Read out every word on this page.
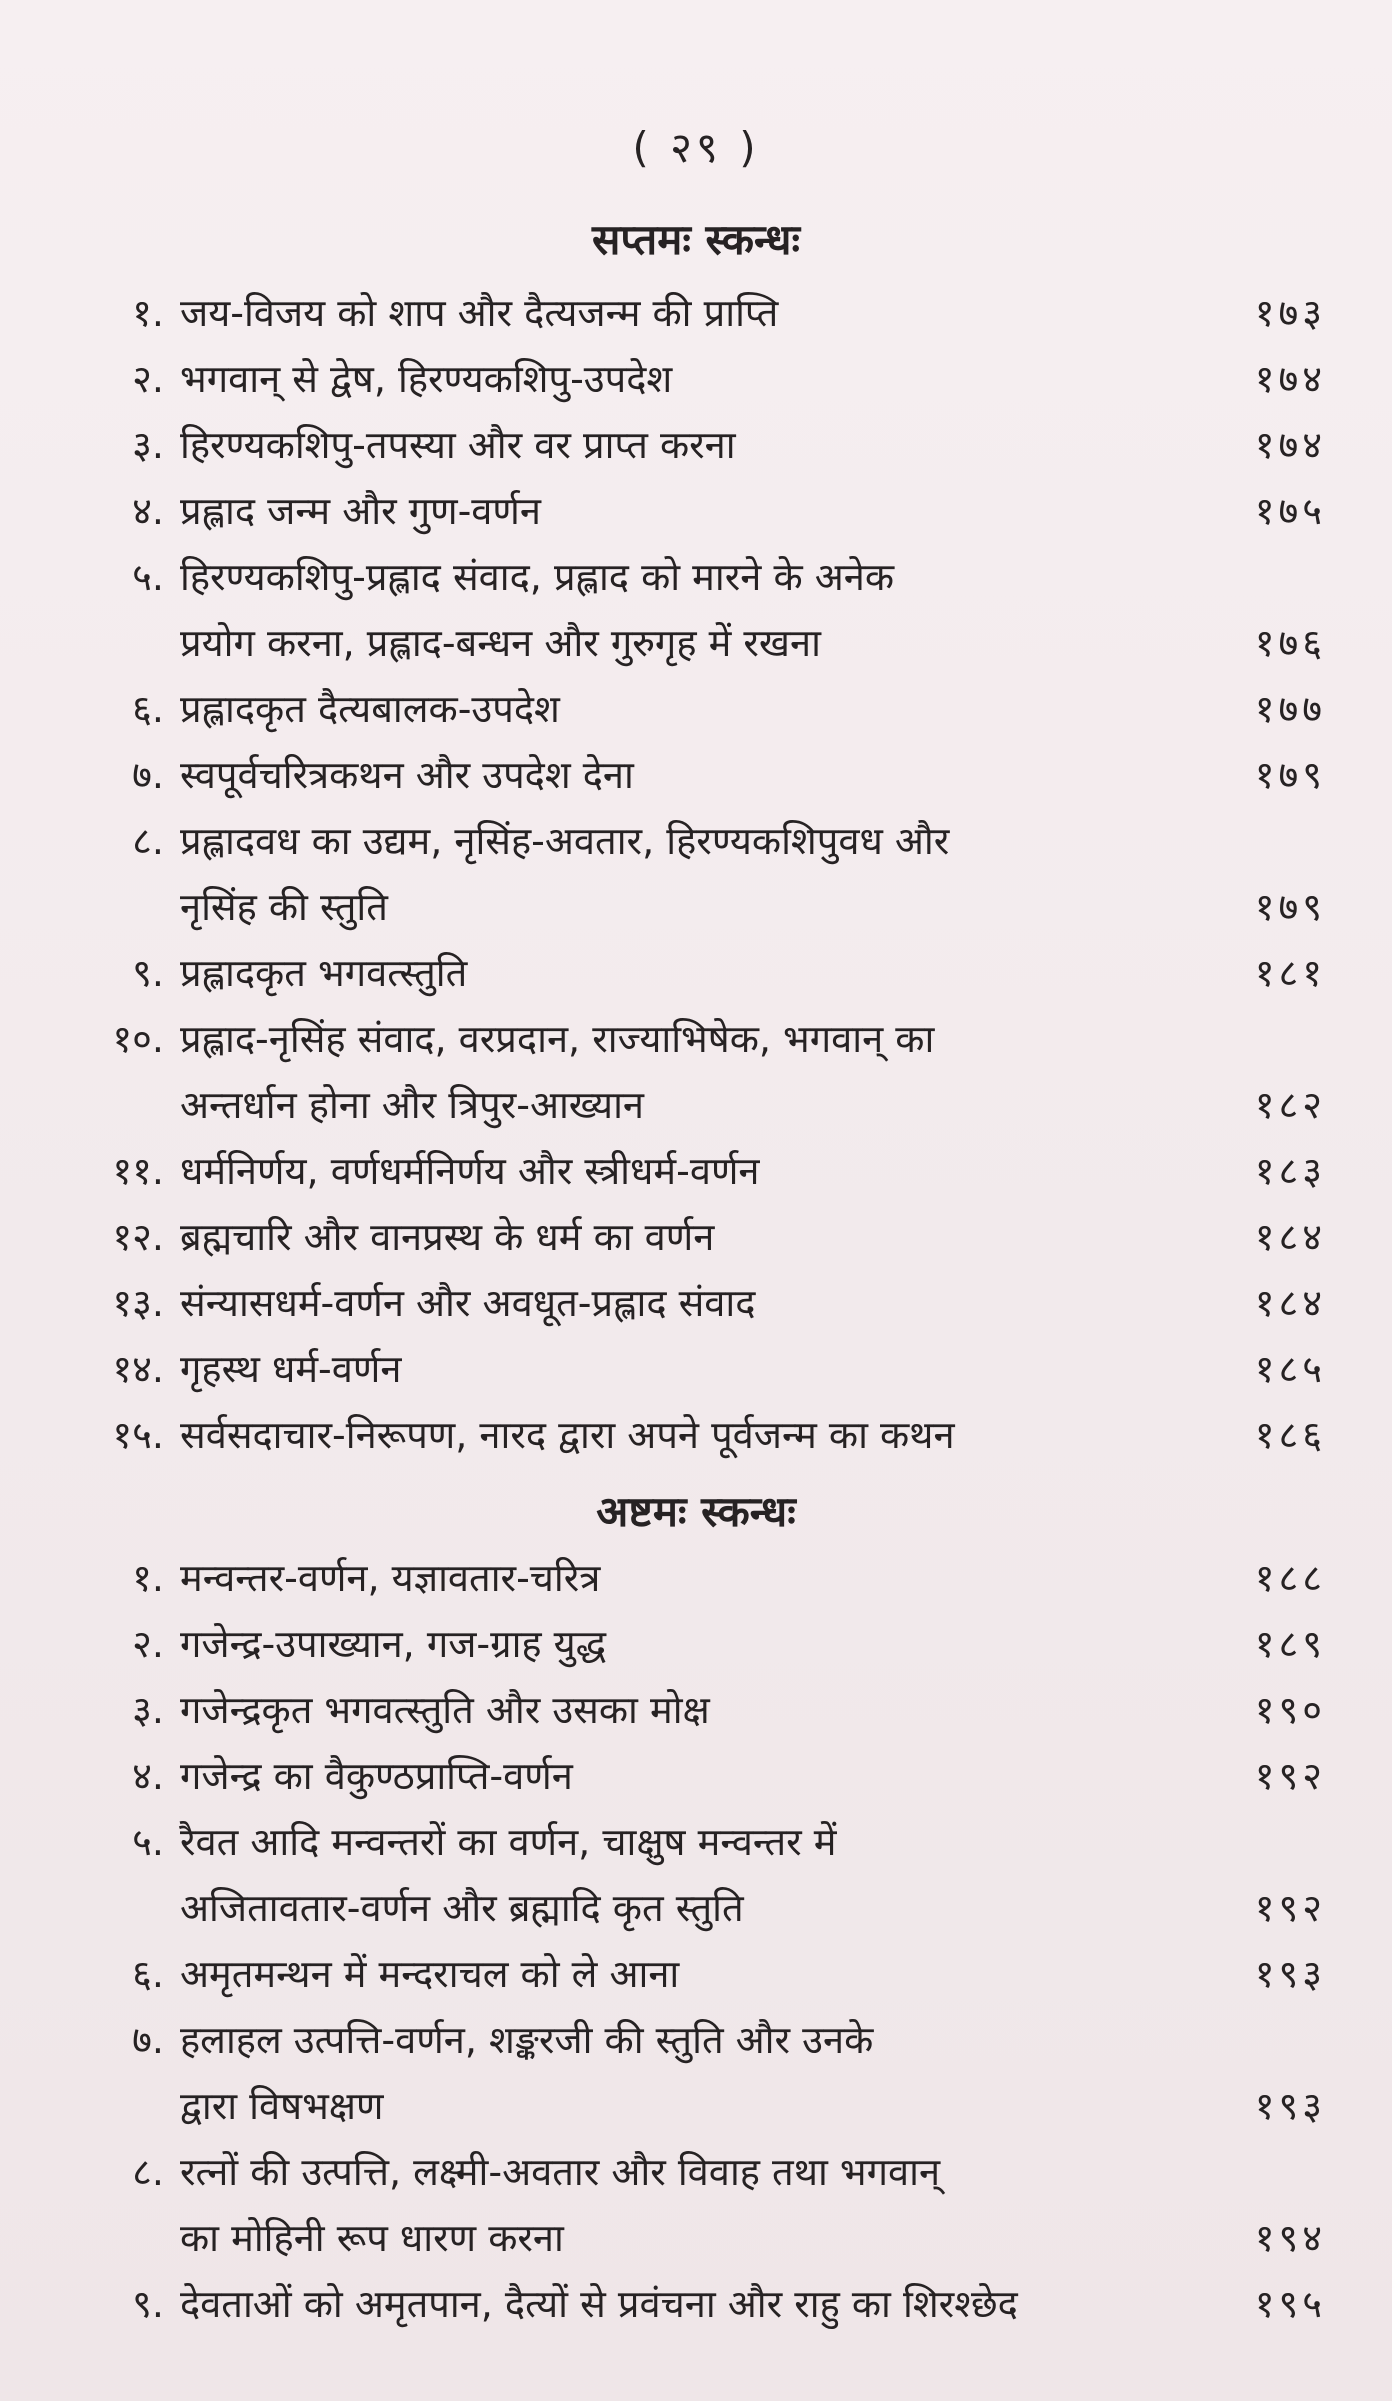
( २९ )
सप्तमः स्कन्धः
१. जय-विजय को शाप और दैत्यजन्म की प्राप्ति	१७३
२. भगवान् से द्वेष, हिरण्यकशिपु-उपदेश	१७४
३. हिरण्यकशिपु-तपस्या और वर प्राप्त करना	१७४
४. प्रह्लाद जन्म और गुण-वर्णन	१७५
५. हिरण्यकशिपु-प्रह्लाद संवाद, प्रह्लाद को मारने के अनेक
प्रयोग करना, प्रह्लाद-बन्धन और गुरुगृह में रखना	१७६
६. प्रह्लादकृत दैत्यबालक-उपदेश	१७७
७. स्वपूर्वचरित्रकथन और उपदेश देना	१७९
८. प्रह्लादवध का उद्यम, नृसिंह-अवतार, हिरण्यकशिपुवध और
नृसिंह की स्तुति	१७९
९. प्रह्लादकृत भगवत्स्तुति	१८१
१०. प्रह्लाद-नृसिंह संवाद, वरप्रदान, राज्याभिषेक, भगवान् का
अन्तर्धान होना और त्रिपुर-आख्यान	१८२
११. धर्मनिर्णय, वर्णधर्मनिर्णय और स्त्रीधर्म-वर्णन	१८३
१२. ब्रह्मचारि और वानप्रस्थ के धर्म का वर्णन	१८४
१३. संन्यासधर्म-वर्णन और अवधूत-प्रह्लाद संवाद	१८४
१४. गृहस्थ धर्म-वर्णन	१८५
१५. सर्वसदाचार-निरूपण, नारद द्वारा अपने पूर्वजन्म का कथन	१८६
अष्टमः स्कन्धः
१. मन्वन्तर-वर्णन, यज्ञावतार-चरित्र	१८८
२. गजेन्द्र-उपाख्यान, गज-ग्राह युद्ध	१८९
३. गजेन्द्रकृत भगवत्स्तुति और उसका मोक्ष	१९०
४. गजेन्द्र का वैकुण्ठप्राप्ति-वर्णन	१९२
५. रैवत आदि मन्वन्तरों का वर्णन, चाक्षुष मन्वन्तर में
अजितावतार-वर्णन और ब्रह्मादि कृत स्तुति	१९२
६. अमृतमन्थन में मन्दराचल को ले आना	१९३
७. हलाहल उत्पत्ति-वर्णन, शङ्करजी की स्तुति और उनके
द्वारा विषभक्षण	१९३
८. रत्नों की उत्पत्ति, लक्ष्मी-अवतार और विवाह तथा भगवान्
का मोहिनी रूप धारण करना	१९४
९. देवताओं को अमृतपान, दैत्यों से प्रवंचना और राहु का शिरश्छेद	१९५
